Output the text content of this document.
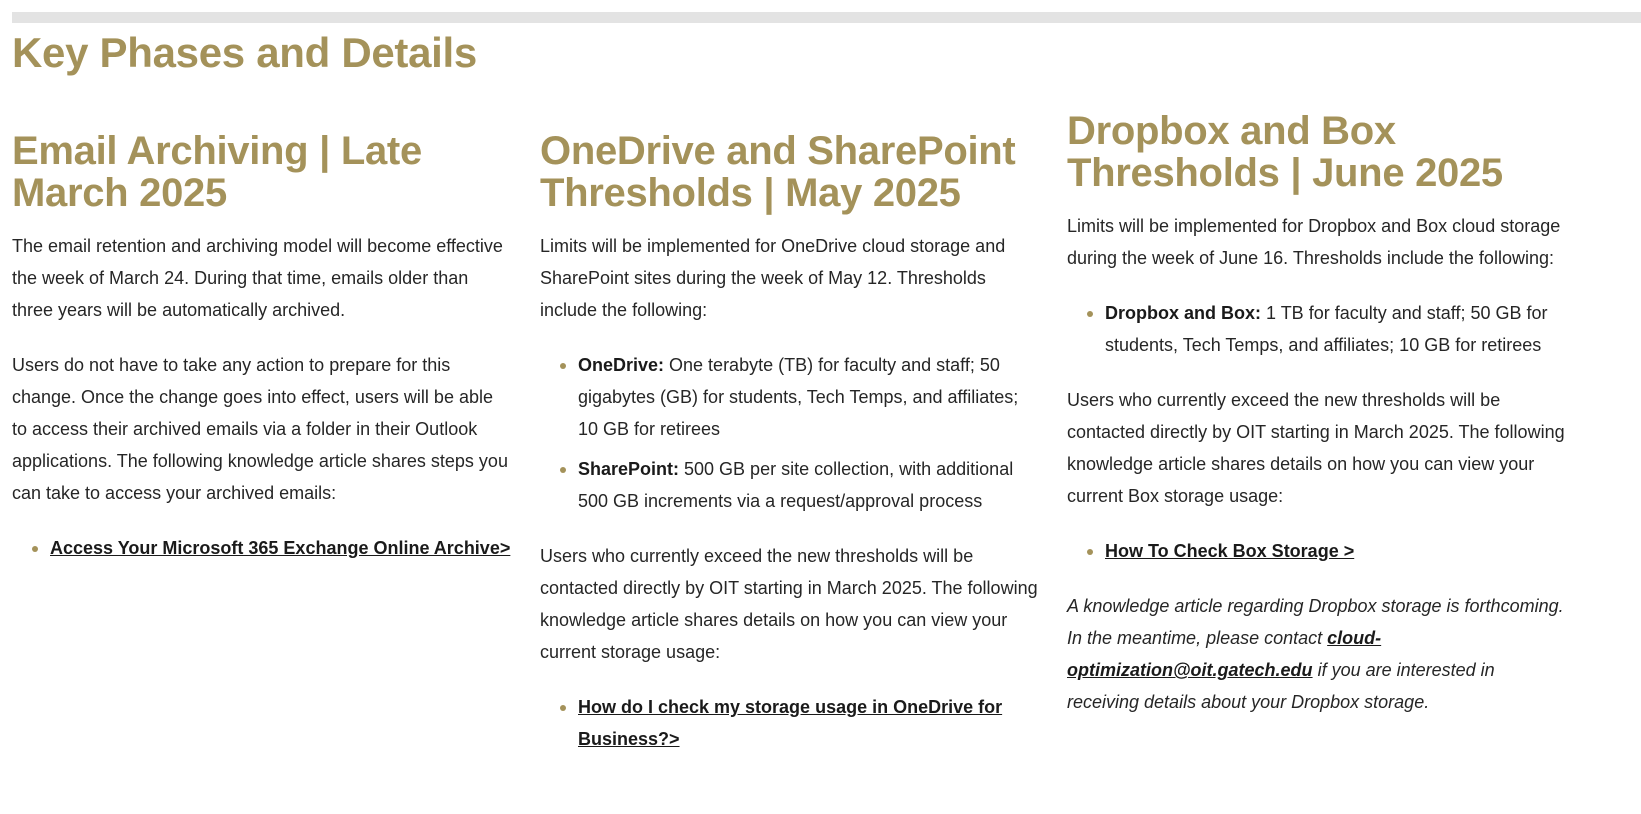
Key Phases and Details
Email Archiving | Late March 2025

The email retention and archiving model will become effective the week of March 24. During that time, emails older than three years will be automatically archived.

Users do not have to take any action to prepare for this change. Once the change goes into effect, users will be able to access their archived emails via a folder in their Outlook applications. The following knowledge article shares steps you can take to access your archived emails:

Access Your Microsoft 365 Exchange Online Archive>
OneDrive and SharePoint Thresholds | May 2025

Limits will be implemented for OneDrive cloud storage and SharePoint sites during the week of May 12. Thresholds include the following:

OneDrive: One terabyte (TB) for faculty and staff; 50 gigabytes (GB) for students, Tech Temps, and affiliates; 10 GB for retirees
SharePoint: 500 GB per site collection, with additional 500 GB increments via a request/approval process

Users who currently exceed the new thresholds will be contacted directly by OIT starting in March 2025. The following knowledge article shares details on how you can view your current storage usage:

How do I check my storage usage in OneDrive for Business?>
Dropbox and Box Thresholds | June 2025

Limits will be implemented for Dropbox and Box cloud storage during the week of June 16. Thresholds include the following:

Dropbox and Box: 1 TB for faculty and staff; 50 GB for students, Tech Temps, and affiliates; 10 GB for retirees

Users who currently exceed the new thresholds will be contacted directly by OIT starting in March 2025. The following knowledge article shares details on how you can view your current Box storage usage:

How To Check Box Storage >

A knowledge article regarding Dropbox storage is forthcoming. In the meantime, please contact cloud-optimization@oit.gatech.edu if you are interested in receiving details about your Dropbox storage.
